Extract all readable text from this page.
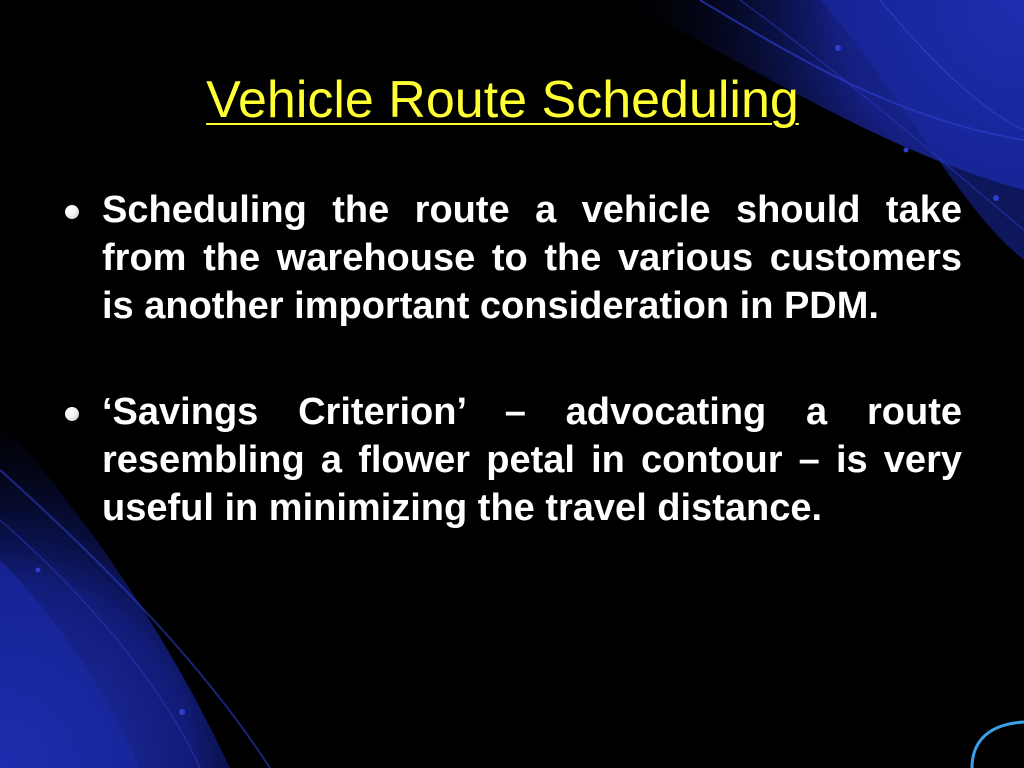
Vehicle Route Scheduling
Scheduling the route a vehicle should take from the warehouse to the various customers is another important consideration in PDM.
‘Savings Criterion’ – advocating a route resembling a flower petal in contour – is very useful in minimizing the travel distance.
